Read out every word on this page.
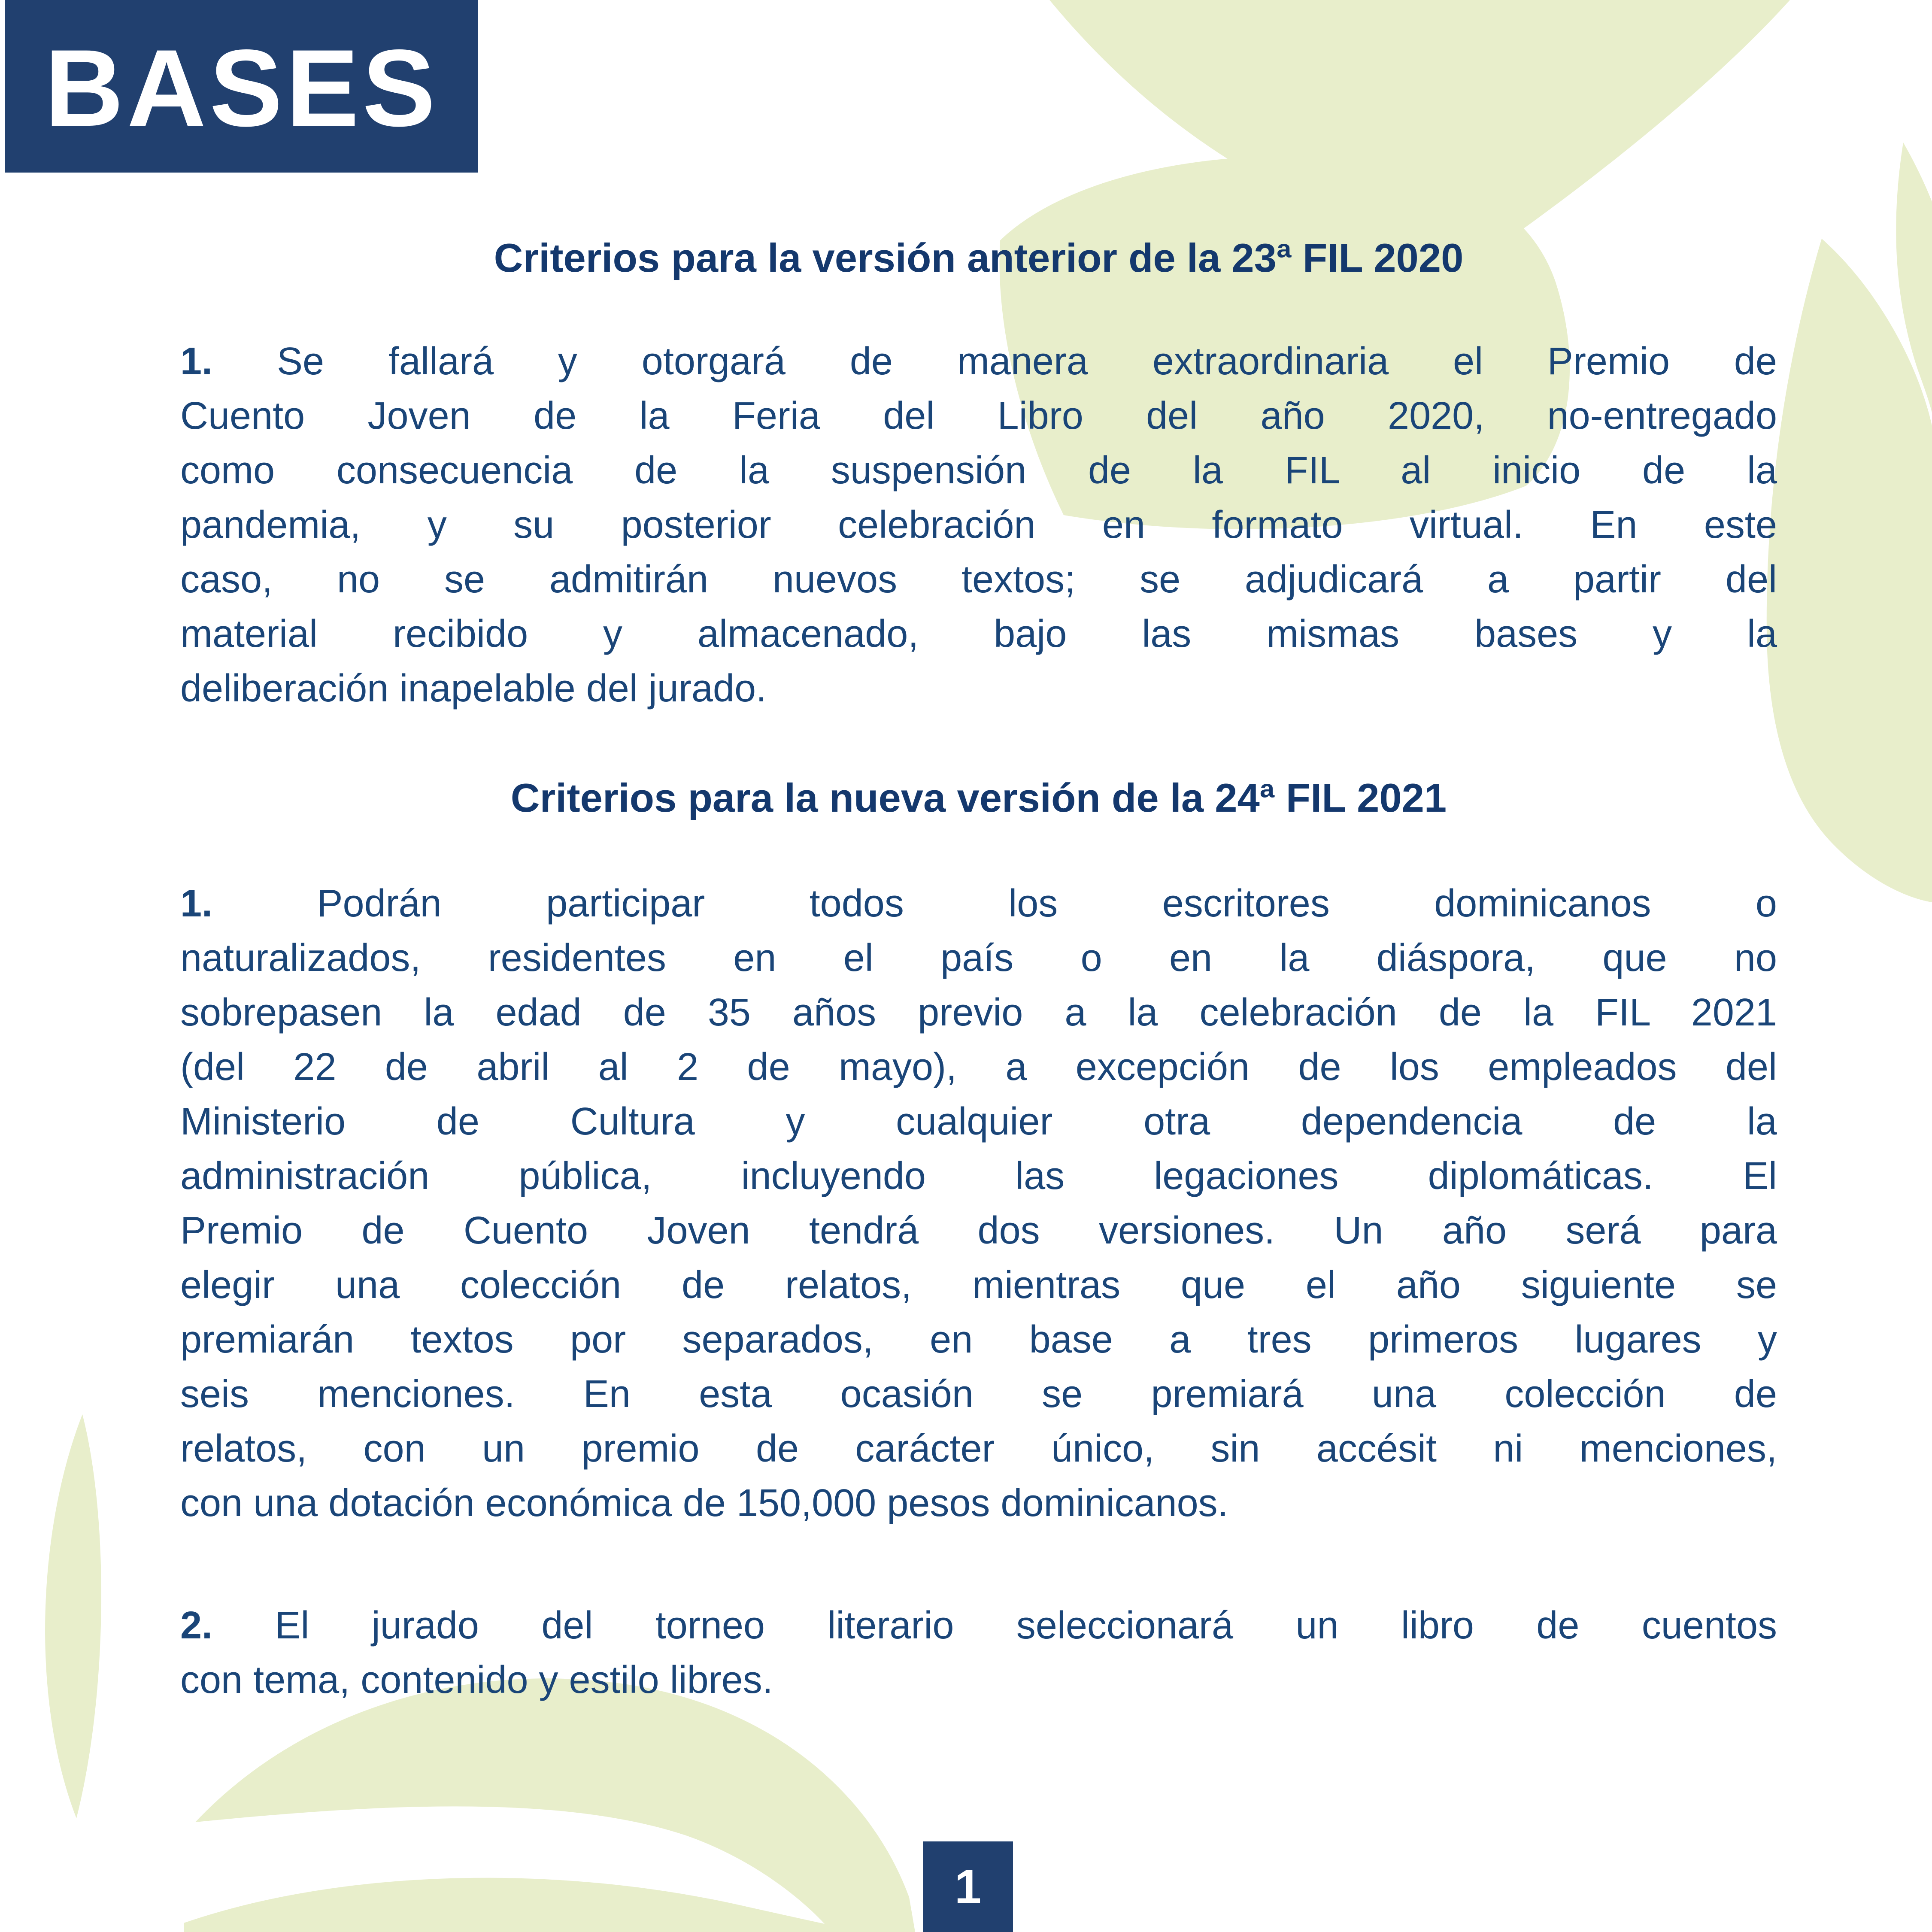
BASES
Criterios para la versión anterior de la 23ª FIL 2020
1. Se fallará y otorgará de manera extraordinaria el Premio de
Cuento Joven de la Feria del Libro del año 2020, no-entregado
como consecuencia de la suspensión de la FIL al inicio de la
pandemia, y su posterior celebración en formato virtual. En este
caso, no se admitirán nuevos textos; se adjudicará a partir del
material recibido y almacenado, bajo las mismas bases y la
deliberación inapelable del jurado.
Criterios para la nueva versión de la 24ª FIL 2021
1.	Podrán participar todos los escritores dominicanos o
naturalizados, residentes en el país o en la diáspora, que no
sobrepasen la edad de 35 años previo a la celebración de la FIL 2021
(del 22 de abril al 2 de mayo), a excepción de los empleados del
Ministerio de Cultura y cualquier otra dependencia de la
administración pública, incluyendo las legaciones diplomáticas. El
Premio de Cuento Joven tendrá dos versiones. Un año será para
elegir una colección de relatos, mientras que el año siguiente se
premiarán textos por separados, en base a tres primeros lugares y
seis menciones. En esta ocasión se premiará una colección de
relatos, con un premio de carácter único, sin accésit ni menciones,
con una dotación económica de 150,000 pesos dominicanos.
2. El jurado del torneo literario seleccionará un libro de cuentos
con tema, contenido y estilo libres.
1
